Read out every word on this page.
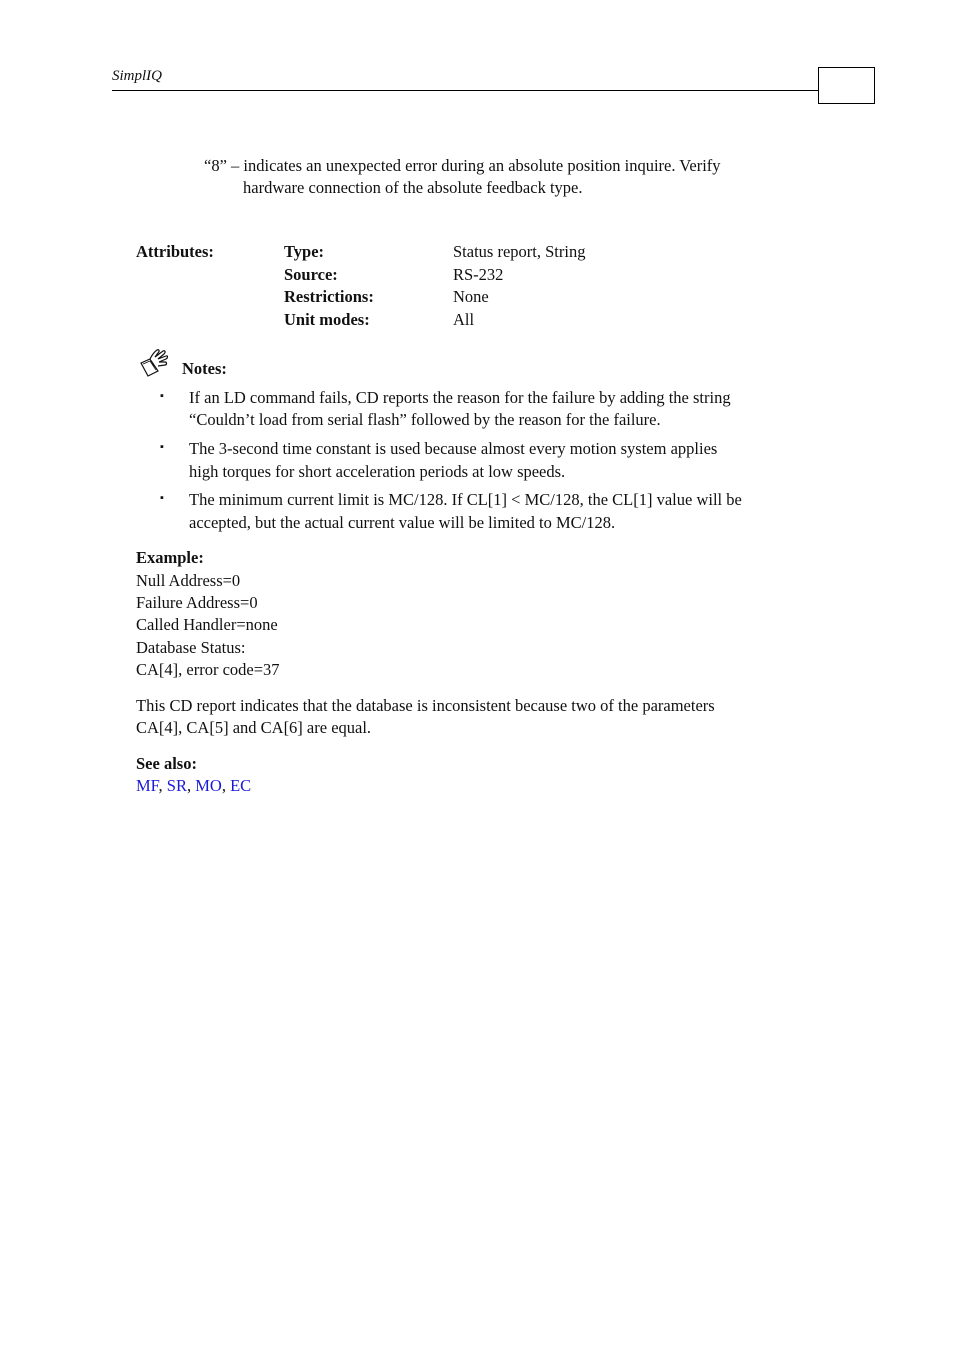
SimplIQ
“8” – indicates an unexpected error during an absolute position inquire. Verify
hardware connection of the absolute feedback type.
Attributes:	Type:
Source:
Restrictions:
Unit modes:
Status report, String
RS-232
None
All
Notes:
▪ If an LD command fails, CD reports the reason for the failure by adding the string
“Couldn’t load from serial flash” followed by the reason for the failure.
▪ The 3-second time constant is used because almost every motion system applies
high torques for short acceleration periods at low speeds.
▪ The minimum current limit is MC/128. If CL[1] < MC/128, the CL[1] value will be
accepted, but the actual current value will be limited to MC/128.
Example:
Null Address=0
Failure Address=0
Called Handler=none
Database Status:
CA[4], error code=37
This CD report indicates that the database is inconsistent because two of the parameters
CA[4], CA[5] and CA[6] are equal.
See also:
MF, SR, MO, EC
